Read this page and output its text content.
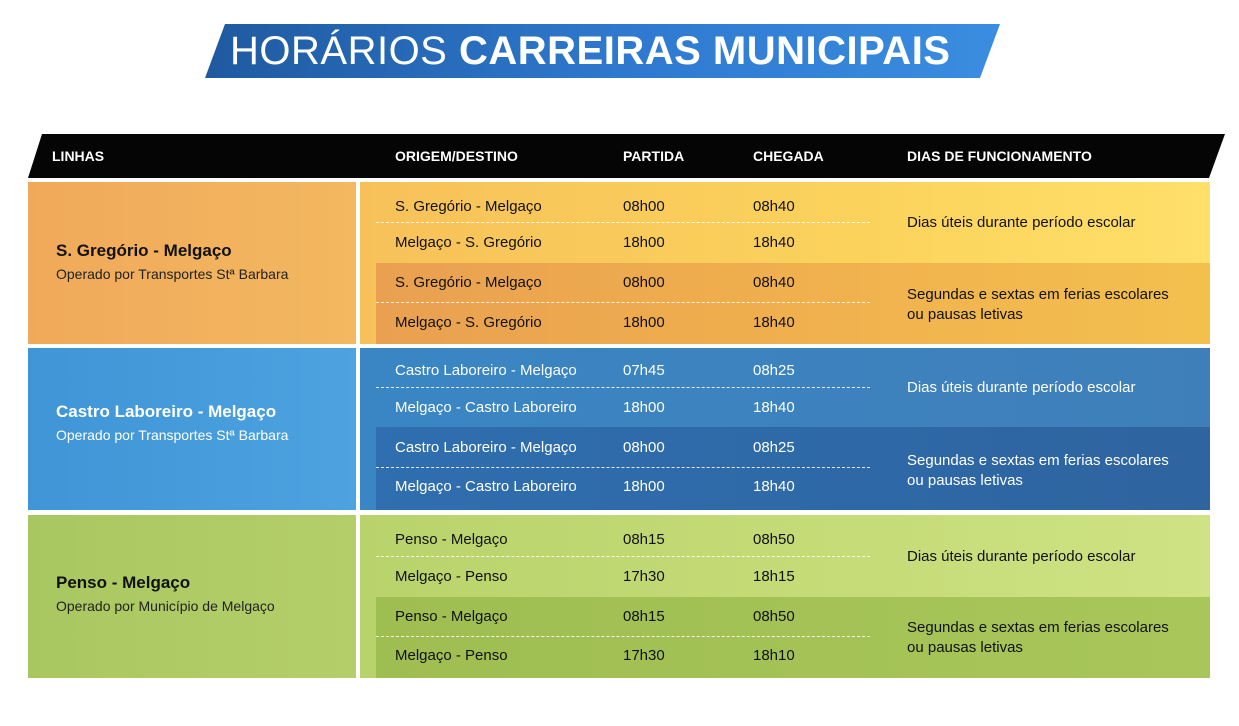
HORÁRIOS CARREIRAS MUNICIPAIS
LINHAS	ORIGEM/DESTINO	PARTIDA	CHEGADA	DIAS DE FUNCIONAMENTO
S. Gregório - Melgaço
Operado por Transportes Stª Barbara
S. Gregório - Melgaço	08h00	08h40
Melgaço - S. Gregório	18h00	18h40
S. Gregório - Melgaço	08h00	08h40
Melgaço - S. Gregório	18h00	18h40
Dias úteis durante período escolar
Segundas e sextas em ferias escolares
ou pausas letivas
Castro Laboreiro - Melgaço
Operado por Transportes Stª Barbara
Castro Laboreiro - Melgaço	07h45	08h25
Melgaço - Castro Laboreiro	18h00	18h40
Castro Laboreiro - Melgaço	08h00	08h25
Melgaço - Castro Laboreiro	18h00	18h40
Dias úteis durante período escolar
Segundas e sextas em ferias escolares
ou pausas letivas
Penso - Melgaço
Operado por Município de Melgaço
Penso - Melgaço	08h15	08h50
Melgaço - Penso	17h30	18h15
Penso - Melgaço	08h15	08h50
Melgaço - Penso	17h30	18h10
Dias úteis durante período escolar
Segundas e sextas em ferias escolares
ou pausas letivas
